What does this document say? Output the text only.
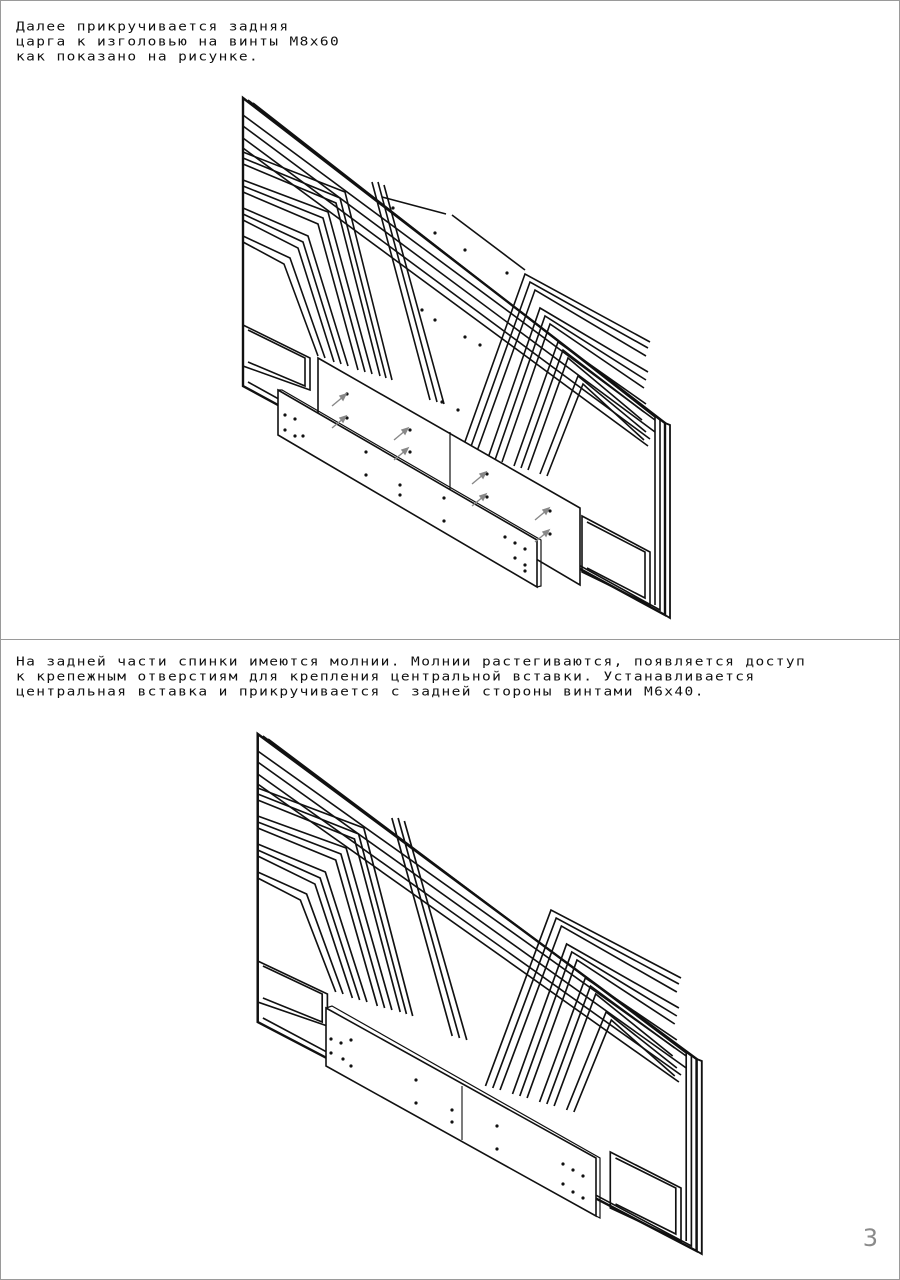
Далее прикручивается задняя
царга к изголовью на винты М8х60
как показано на рисунке.

На задней части спинки имеются молнии. Молнии растегиваются, появляется доступ
к крепежным отверстиям для крепления центральной вставки. Устанавливается
центральная вставка и прикручивается с задней стороны винтами М6х40.

3
